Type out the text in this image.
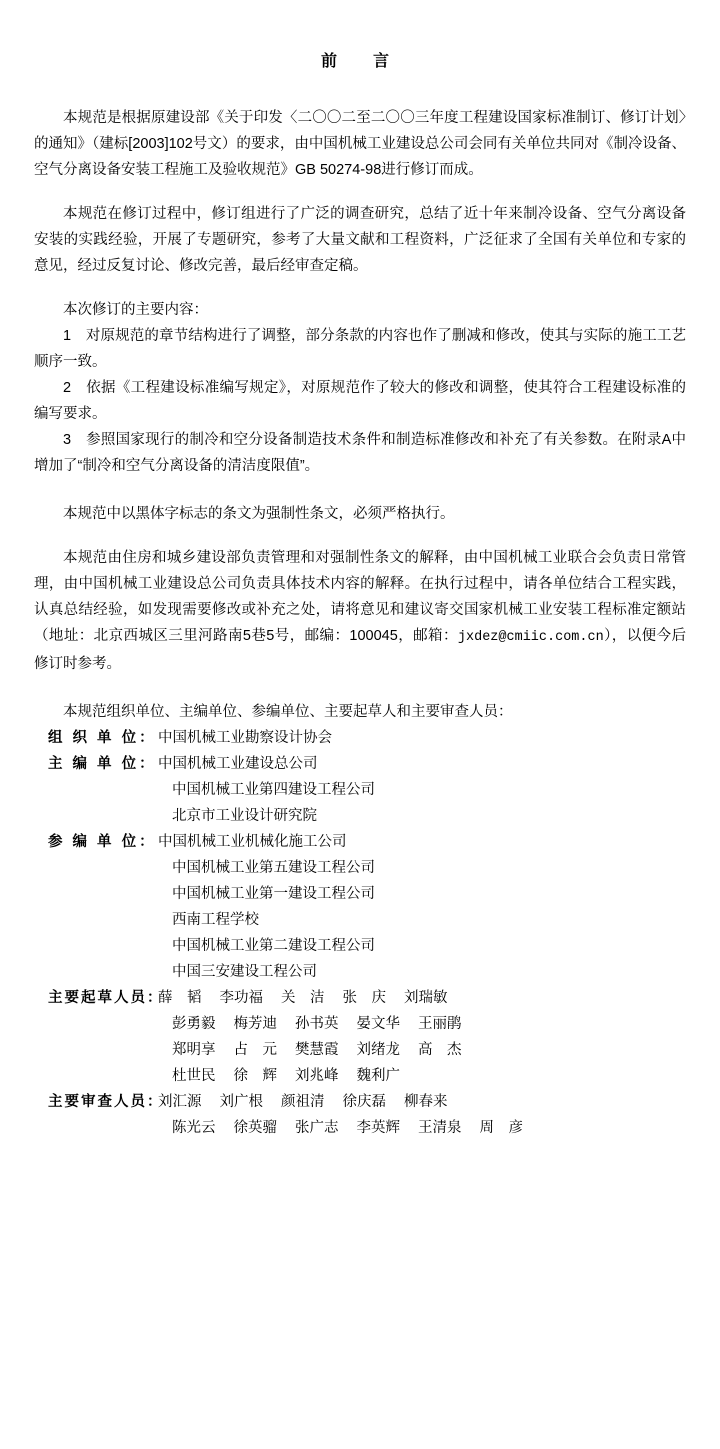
前　言

本规范是根据原建设部《关于印发〈二〇〇二至二〇〇三年度工程建设国家标准制订、修订计划〉的通知》（建标[2003]102号文）的要求，由中国机械工业建设总公司会同有关单位共同对《制冷设备、空气分离设备安装工程施工及验收规范》GB 50274-98进行修订而成。

本规范在修订过程中，修订组进行了广泛的调查研究，总结了近十年来制冷设备、空气分离设备安装的实践经验，开展了专题研究，参考了大量文献和工程资料，广泛征求了全国有关单位和专家的意见，经过反复讨论、修改完善，最后经审查定稿。

本次修订的主要内容：

1　对原规范的章节结构进行了调整，部分条款的内容也作了删减和修改，使其与实际的施工工艺顺序一致。

2　依据《工程建设标准编写规定》，对原规范作了较大的修改和调整，使其符合工程建设标准的编写要求。

3　参照国家现行的制冷和空分设备制造技术条件和制造标准修改和补充了有关参数。在附录A中增加了“制冷和空气分离设备的清洁度限值”。

本规范中以黑体字标志的条文为强制性条文，必须严格执行。

本规范由住房和城乡建设部负责管理和对强制性条文的解释，由中国机械工业联合会负责日常管理，由中国机械工业建设总公司负责具体技术内容的解释。在执行过程中，请各单位结合工程实践，认真总结经验，如发现需要修改或补充之处，请将意见和建议寄交国家机械工业安装工程标准定额站（地址：北京西城区三里河路南5巷5号，邮编：100045，邮箱：jxdez@cmiic.com.cn），以便今后修订时参考。

本规范组织单位、主编单位、参编单位、主要起草人和主要审查人员：

组 织 单 位： 中国机械工业勘察设计协会
主 编 单 位： 中国机械工业建设总公司

中国机械工业第四建设工程公司

北京市工业设计研究院

参 编 单 位： 中国机械工业机械化施工公司

中国机械工业第五建设工程公司

中国机械工业第一建设工程公司

西南工程学校

中国机械工业第二建设工程公司

中国三安建设工程公司

主要起草人员：
薛　韬 李功福 关　洁 张　庆 刘瑞敏

彭勇毅 梅芳迪 孙书英 晏文华 王丽鹃

郑明享 占　元 樊慧霞 刘绪龙 高　杰

杜世民 徐　辉 刘兆峰 魏利广

主要审查人员：
刘汇源 刘广根 颜祖清 徐庆磊 柳春来

陈光云 徐英骝 张广志 李英辉 王清泉 周　彦
